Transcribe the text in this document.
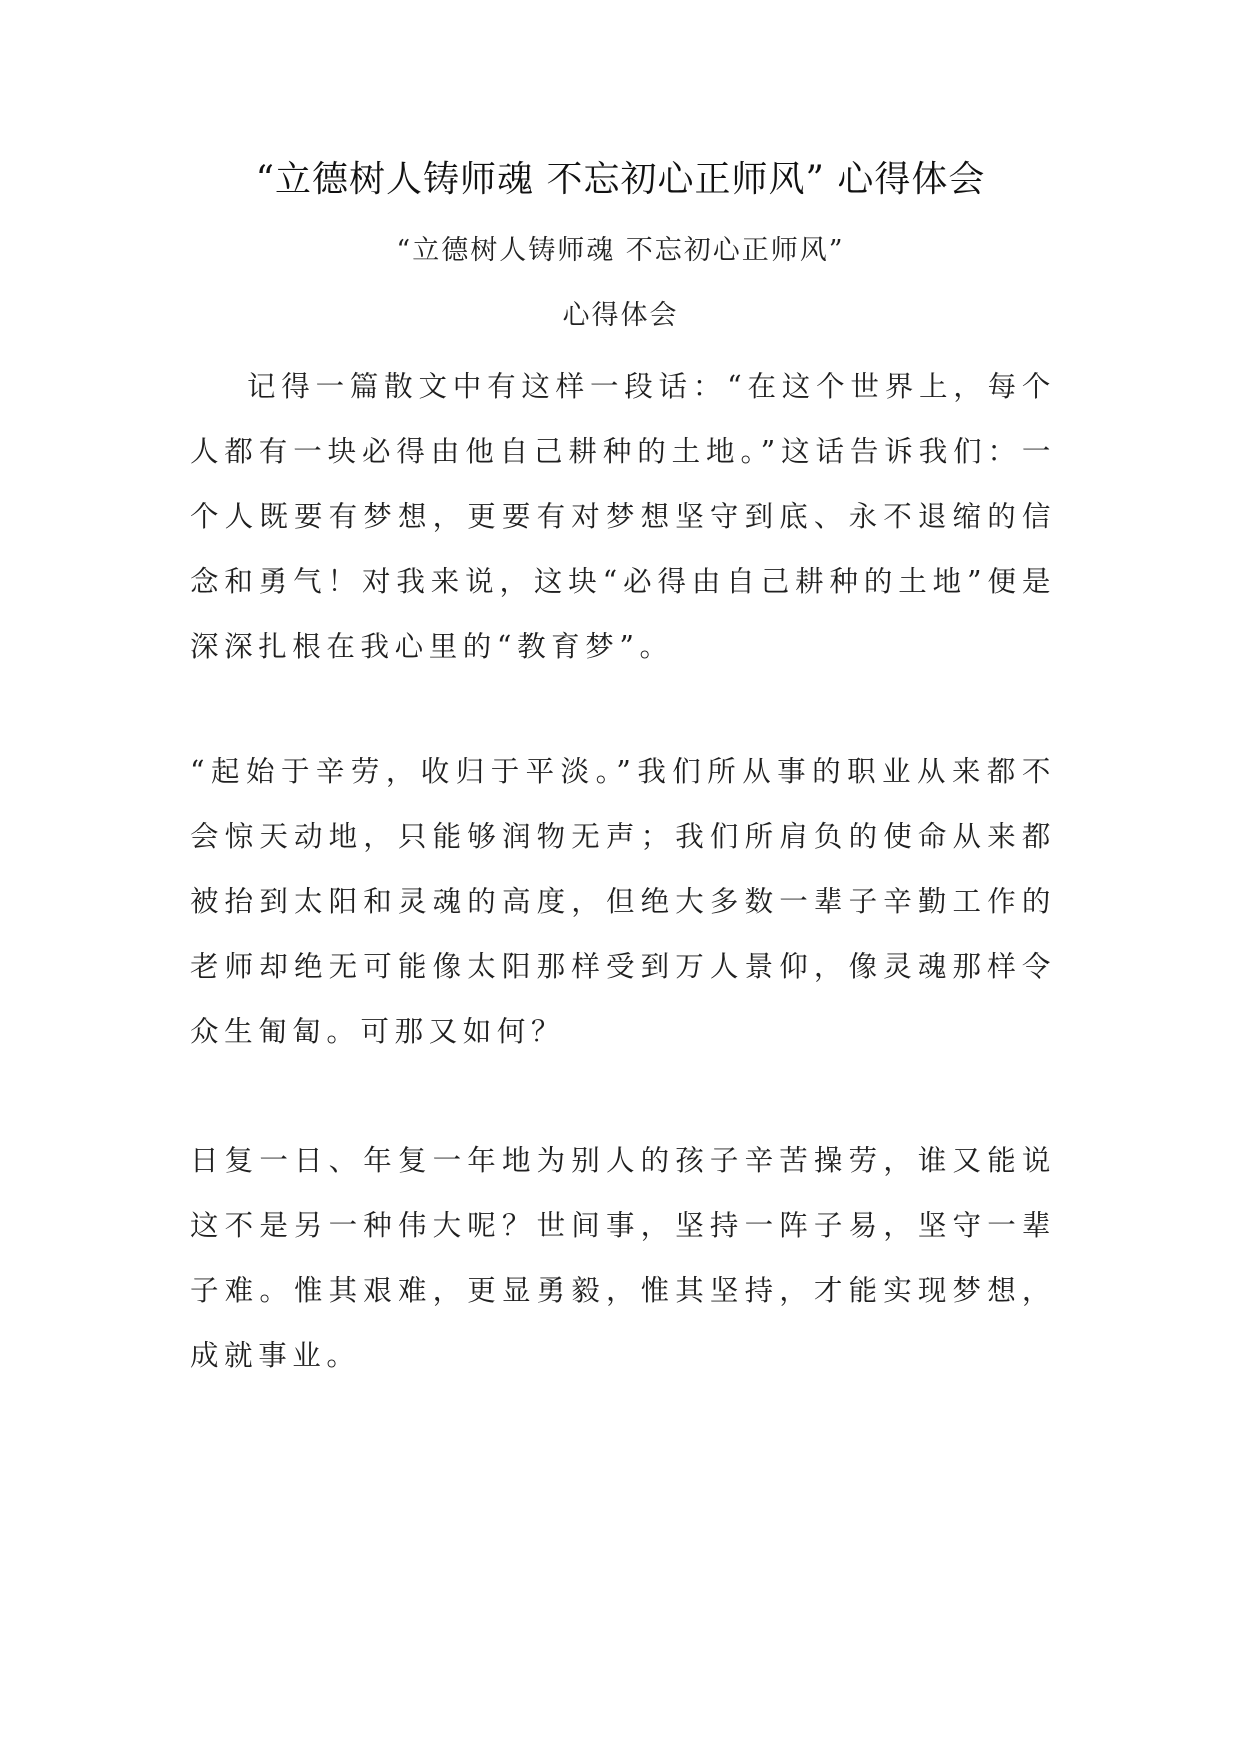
“立德树人铸师魂 不忘初心正师风” 心得体会
“立德树人铸师魂 不忘初心正师风”
心得体会

记得一篇散文中有这样一段话：“在这个世界上，每个人都有一块必得由他自己耕种的土地。”这话告诉我们：一个人既要有梦想，更要有对梦想坚守到底、永不退缩的信念和勇气！对我来说，这块“必得由自己耕种的土地”便是深深扎根在我心里的“教育梦”。

“起始于辛劳，收归于平淡。”我们所从事的职业从来都不会惊天动地，只能够润物无声；我们所肩负的使命从来都被抬到太阳和灵魂的高度，但绝大多数一辈子辛勤工作的老师却绝无可能像太阳那样受到万人景仰，像灵魂那样令众生匍匐。可那又如何？

日复一日、年复一年地为别人的孩子辛苦操劳，谁又能说这不是另一种伟大呢？世间事，坚持一阵子易，坚守一辈子难。惟其艰难，更显勇毅，惟其坚持，才能实现梦想，成就事业。
